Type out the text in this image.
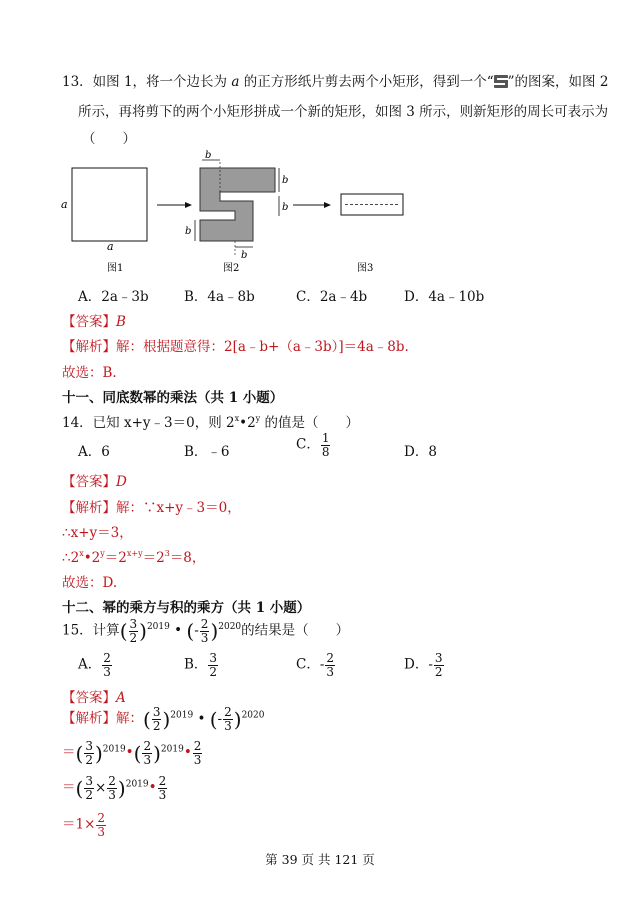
13．如图 1，将一个边长为 a 的正方形纸片剪去两个小矩形，得到一个“ ”的图案，如图 2
所示，再将剪下的两个小矩形拼成一个新的矩形，如图 3 所示，则新矩形的周长可表示为
（　　）
a
a
图1
b
b
b
b
b
图2	图3
A．2a﹣3b	B．4a﹣8b	C．2a﹣4b	D．4a﹣10b
【答案】B
【解析】解：根据题意得：2[a﹣b+（a﹣3b）]＝4a﹣8b.
故选：B.
十一、同底数幂的乘法（共 1 小题）
14．已知 x+y﹣3＝0，则 2$^x$•2$^y$ 的值是（　　）
A．6	B．﹣6	C． $\frac{1}{8}$	D．8
【答案】D
【解析】解：∵x+y﹣3＝0，
∴x+y＝3，
$\therefore 2^x•2^y=2^{x+y}=2^3=8$，
故选：D.
十二、幂的乘方与积的乘方（共 1 小题）
15．计算( $\frac{3}{2} )^{2019}$ • (- $\frac{2}{3} )^{2020}$的结果是（　　）
A． $\frac{2}{3}$	B． $\frac{3}{2}$	C．- $\frac{2}{3}$	D．- $\frac{3}{2}$
【答案】A
【解析】解：( $\frac{3}{2} )^{2019}$ • (- $\frac{2}{3} )^{2020}$
＝( $\frac{3}{2}$ )$^{2019}$•( $\frac{2}{3}$ )$^{2019}$• $\frac{2}{3}$
＝( $\frac{3}{2} \times \frac{2}{3}$ )$^{2019}$• $\frac{2}{3}$
$=1\times \frac{2}{3}$
第 39 页 共 121 页
